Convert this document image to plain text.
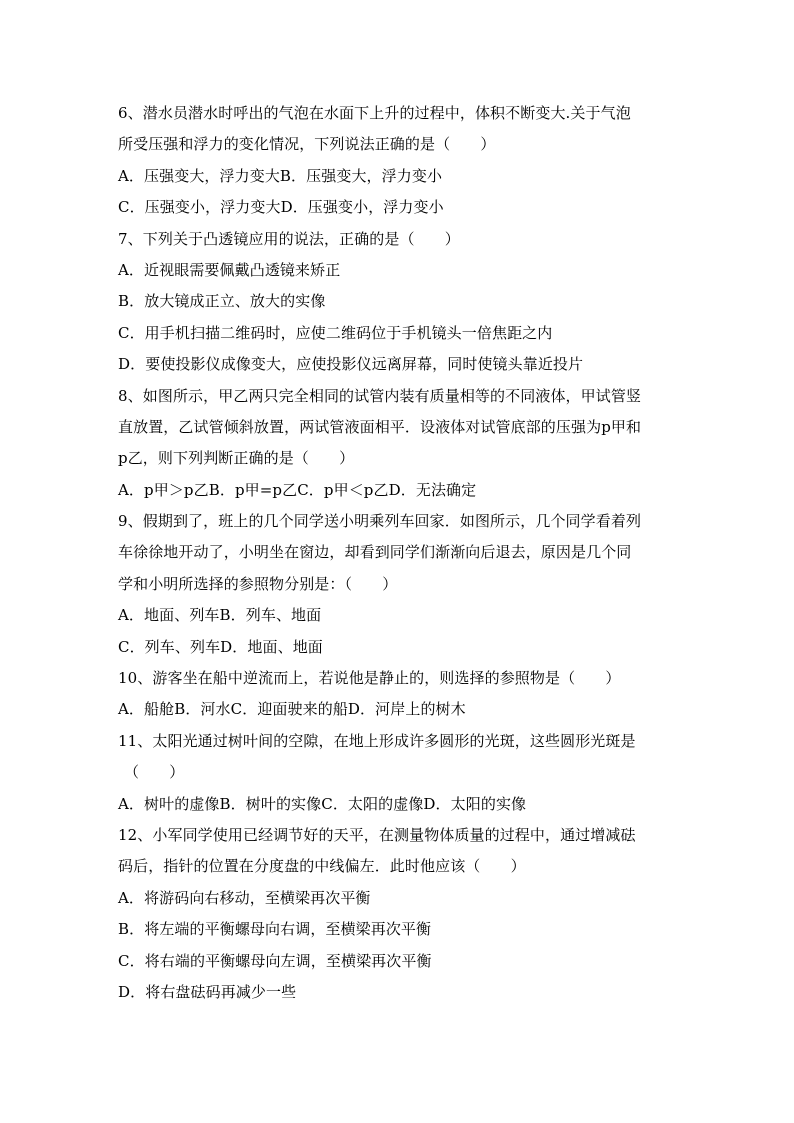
6、潜水员潜水时呼出的气泡在水面下上升的过程中，体积不断变大.关于气泡
所受压强和浮力的变化情况，下列说法正确的是（　　）
A．压强变大，浮力变大B．压强变大，浮力变小
C．压强变小，浮力变大D．压强变小，浮力变小
7、下列关于凸透镜应用的说法，正确的是（　　）
A．近视眼需要佩戴凸透镜来矫正
B．放大镜成正立、放大的实像
C．用手机扫描二维码时，应使二维码位于手机镜头一倍焦距之内
D．要使投影仪成像变大，应使投影仪远离屏幕，同时使镜头靠近投片
8、如图所示，甲乙两只完全相同的试管内装有质量相等的不同液体，甲试管竖
直放置，乙试管倾斜放置，两试管液面相平．设液体对试管底部的压强为p甲和
p乙，则下列判断正确的是（　　）
A．p甲＞p乙B．p甲=p乙C．p甲＜p乙D．无法确定
9、假期到了，班上的几个同学送小明乘列车回家．如图所示，几个同学看着列
车徐徐地开动了，小明坐在窗边，却看到同学们渐渐向后退去，原因是几个同
学和小明所选择的参照物分别是：（　　）
A．地面、列车B．列车、地面
C．列车、列车D．地面、地面
10、游客坐在船中逆流而上，若说他是静止的，则选择的参照物是（　　）
A．船舱B．河水C．迎面驶来的船D．河岸上的树木
11、太阳光通过树叶间的空隙，在地上形成许多圆形的光斑，这些圆形光斑是
（　　）
A．树叶的虚像B．树叶的实像C．太阳的虚像D．太阳的实像
12、小军同学使用已经调节好的天平，在测量物体质量的过程中，通过增减砝
码后，指针的位置在分度盘的中线偏左．此时他应该（　　）
A．将游码向右移动，至横梁再次平衡
B．将左端的平衡螺母向右调，至横梁再次平衡
C．将右端的平衡螺母向左调，至横梁再次平衡
D．将右盘砝码再减少一些
